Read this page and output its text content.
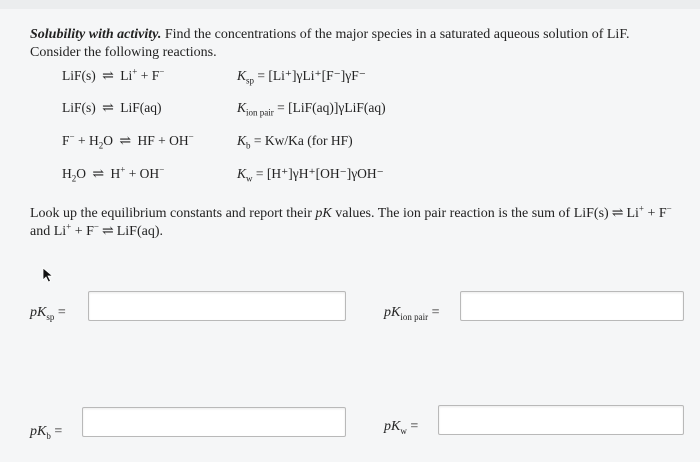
Solubility with activity. Find the concentrations of the major species in a saturated aqueous solution of LiF. Consider the following reactions.
LiF(s) ⇌ Li+ + F−
LiF(s) ⇌ LiF(aq)
$F^- + H_2O$ ⇌ HF + OH−
$H_2O$ ⇌ H+ + OH−
$K_{sp} = [Li^+]\gamma Li^+[F^-]\gamma F^-$
$K_{ion pair} = [LiF(aq)]\gamma LiF(aq)$
$K_b = Kw/Ka$ (for HF)
$K_w = [H^+]\gamma H^+[OH^-]\gamma OH^-$
Look up the equilibrium constants and report their pK values. The ion pair reaction is the sum of LiF(s) ⇌ Li+ + F− and Li+ + F− ⇌ LiF(aq).
$pK_{sp}$ =	$pK_{ion pair}$ =
$pK_b$ =	$pK_w$ =
